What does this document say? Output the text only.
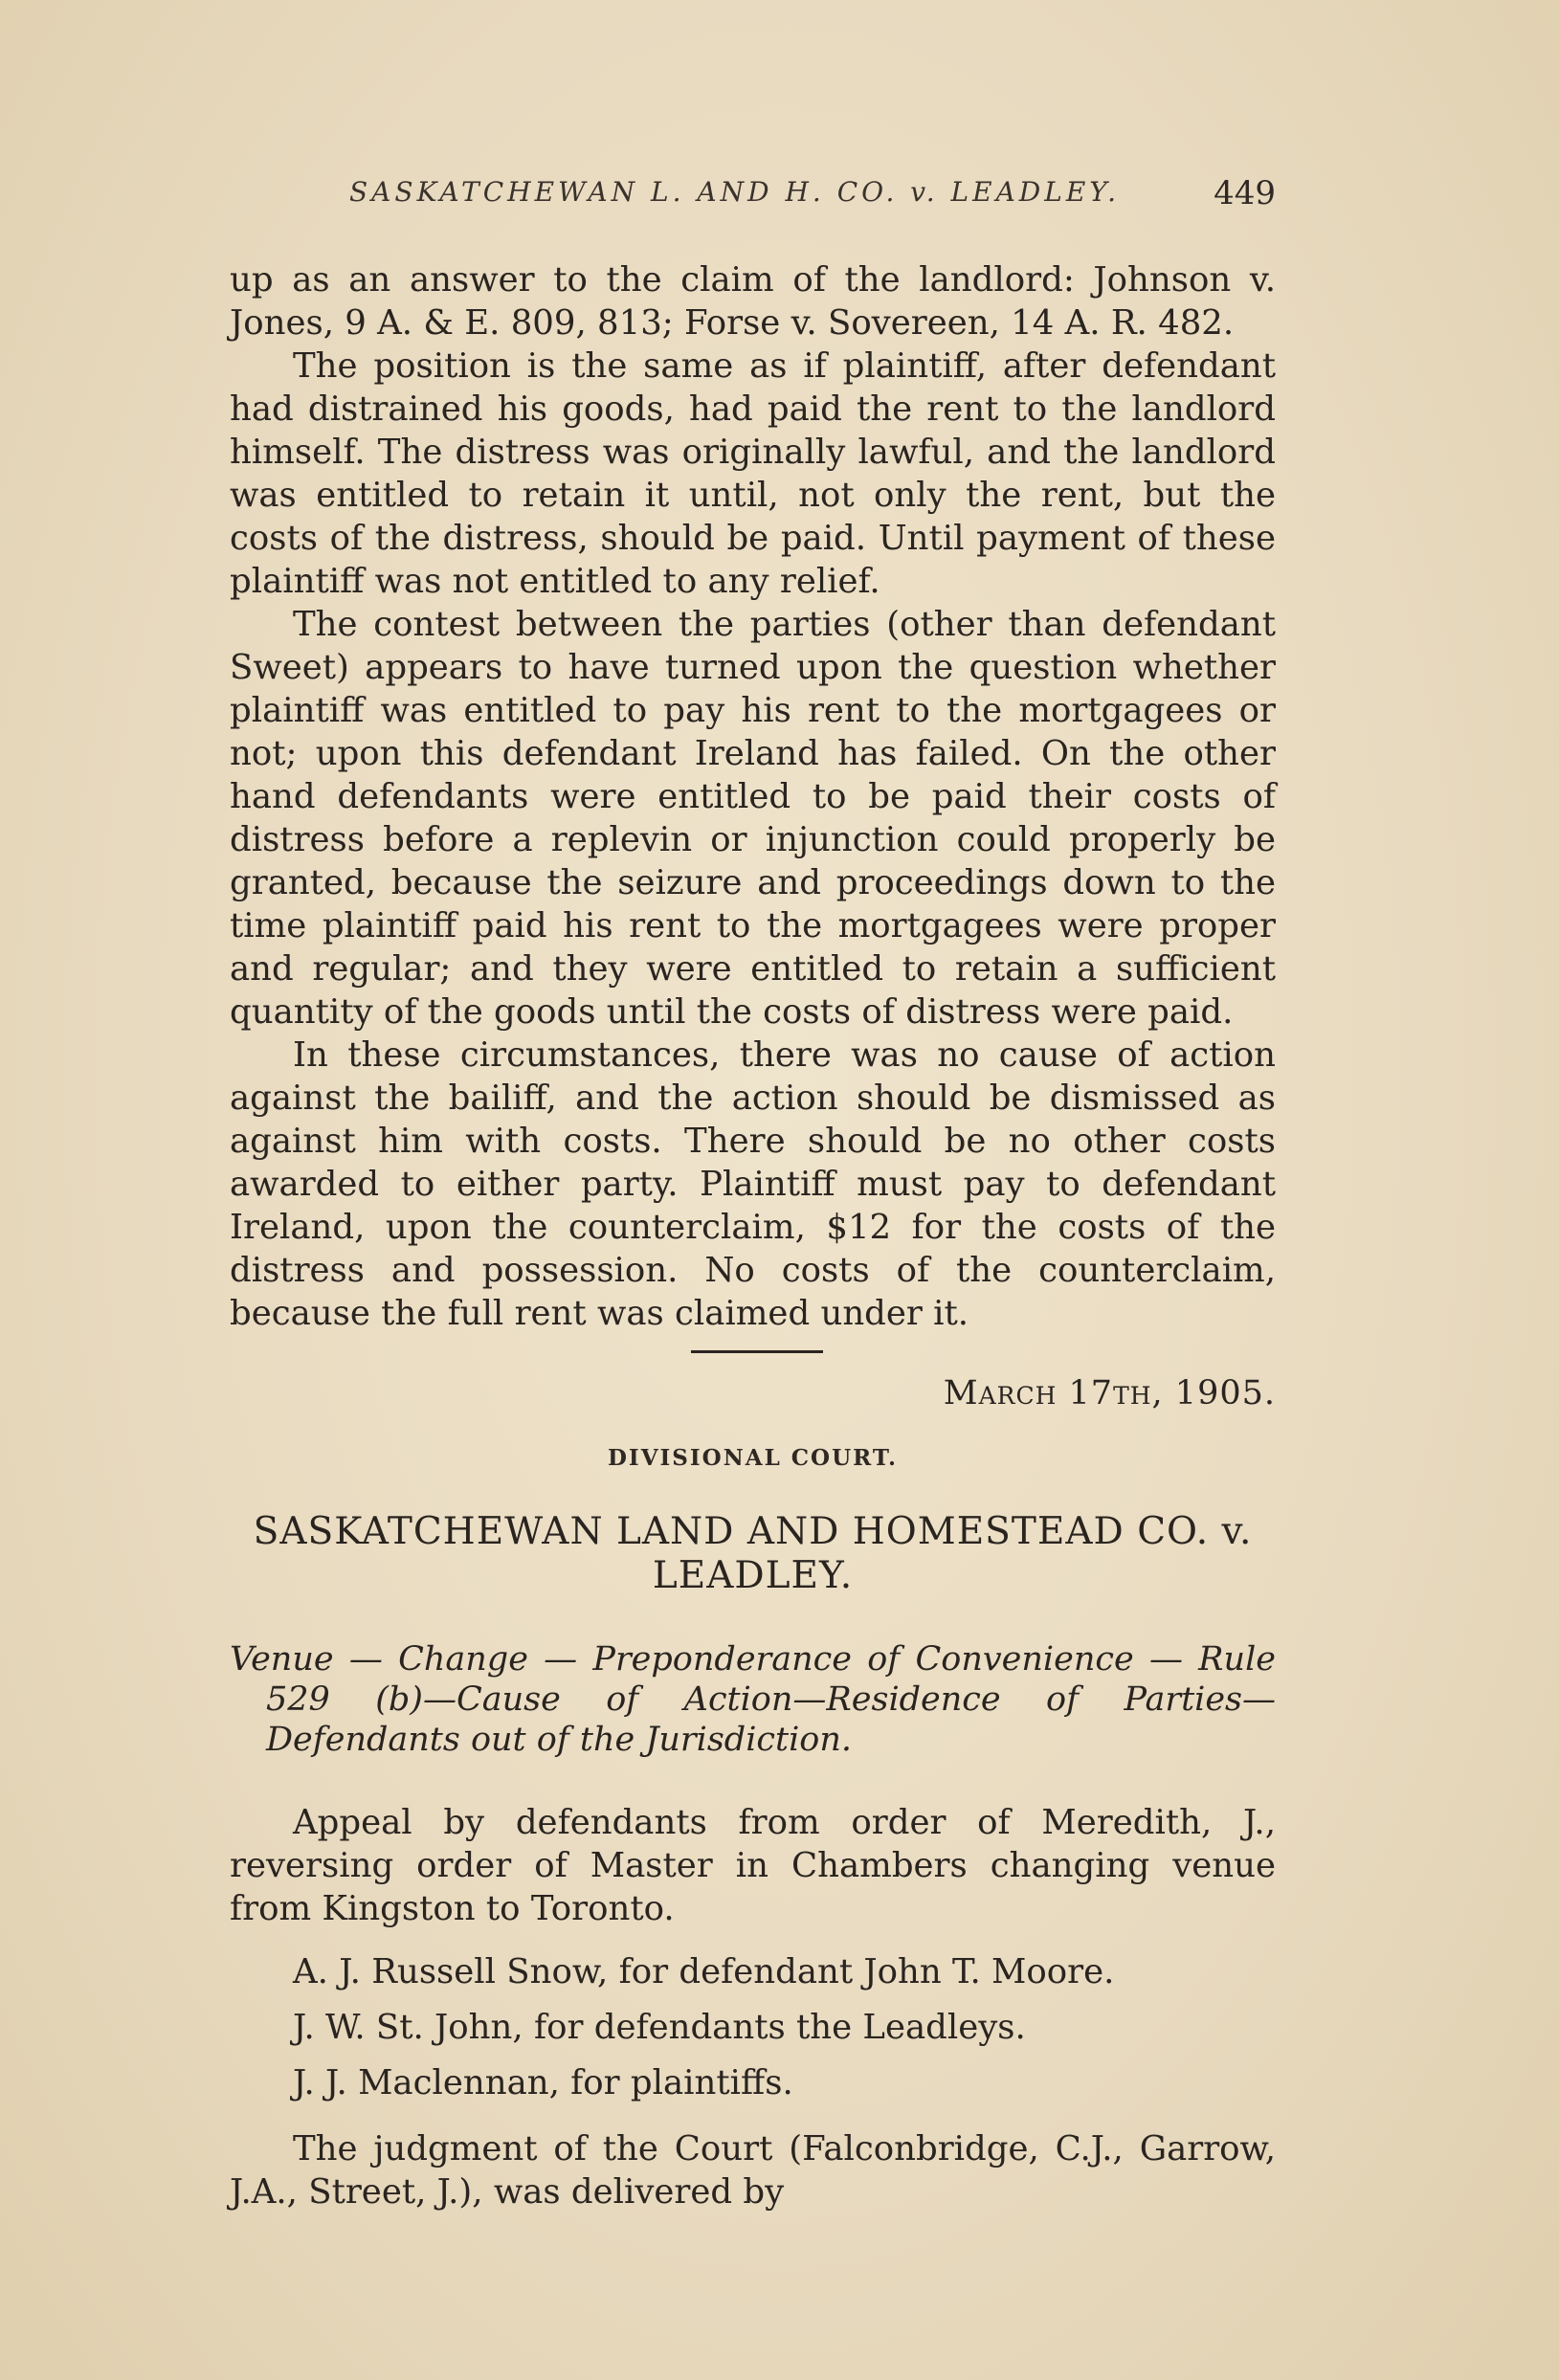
SASKATCHEWAN L. AND H. CO. v. LEADLEY.	449

up as an answer to the claim of the landlord: Johnson v. Jones, 9 A. & E. 809, 813; Forse v. Sovereen, 14 A. R. 482.

The position is the same as if plaintiff, after defendant had distrained his goods, had paid the rent to the landlord himself. The distress was originally lawful, and the landlord was entitled to retain it until, not only the rent, but the costs of the distress, should be paid. Until payment of these plaintiff was not entitled to any relief.

The contest between the parties (other than defendant Sweet) appears to have turned upon the question whether plaintiff was entitled to pay his rent to the mortgagees or not; upon this defendant Ireland has failed. On the other hand defendants were entitled to be paid their costs of distress before a replevin or injunction could properly be granted, because the seizure and proceedings down to the time plaintiff paid his rent to the mortgagees were proper and regular; and they were entitled to retain a sufficient quantity of the goods until the costs of distress were paid.

In these circumstances, there was no cause of action against the bailiff, and the action should be dismissed as against him with costs. There should be no other costs awarded to either party. Plaintiff must pay to defendant Ireland, upon the counterclaim, $12 for the costs of the distress and possession. No costs of the counterclaim, because the full rent was claimed under it.

March 17th, 1905.
DIVISIONAL COURT.
SASKATCHEWAN LAND AND HOMESTEAD CO. v.
LEADLEY.
Venue — Change — Preponderance of Convenience — Rule 529 (b)—Cause of Action—Residence of Parties—Defendants out of the Jurisdiction.
Appeal by defendants from order of Meredith, J., reversing order of Master in Chambers changing venue from Kingston to Toronto.
A. J. Russell Snow, for defendant John T. Moore.
J. W. St. John, for defendants the Leadleys.
J. J. Maclennan, for plaintiffs.
The judgment of the Court (Falconbridge, C.J., Garrow, J.A., Street, J.), was delivered by
